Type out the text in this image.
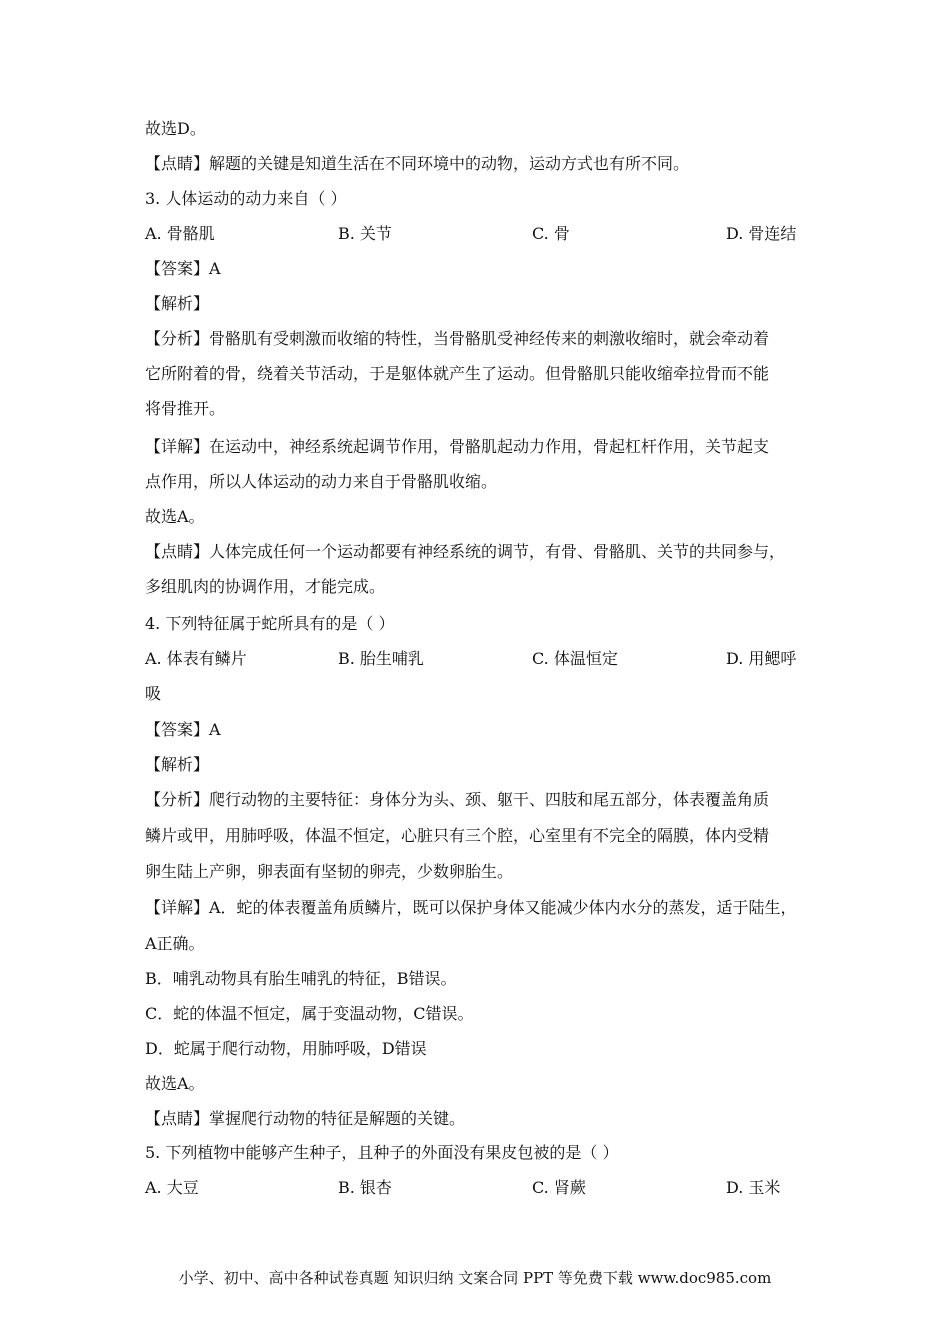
故选D。
【点睛】解题的关键是知道生活在不同环境中的动物，运动方式也有所不同。
3. 人体运动的动力来自（ ）
A. 骨骼肌	B. 关节	C. 骨	D. 骨连结
【答案】A
【解析】
【分析】骨骼肌有受刺激而收缩的特性，当骨骼肌受神经传来的刺激收缩时，就会牵动着
它所附着的骨，绕着关节活动，于是躯体就产生了运动。但骨骼肌只能收缩牵拉骨而不能
将骨推开。
【详解】在运动中，神经系统起调节作用，骨骼肌起动力作用，骨起杠杆作用，关节起支
点作用，所以人体运动的动力来自于骨骼肌收缩。
故选A。
【点睛】人体完成任何一个运动都要有神经系统的调节，有骨、骨骼肌、关节的共同参与，
多组肌肉的协调作用，才能完成。
4. 下列特征属于蛇所具有的是（ ）
A. 体表有鳞片	B. 胎生哺乳	C. 体温恒定	D. 用鳃呼
吸
【答案】A
【解析】
【分析】爬行动物的主要特征：身体分为头、颈、躯干、四肢和尾五部分，体表覆盖角质
鳞片或甲，用肺呼吸，体温不恒定，心脏只有三个腔，心室里有不完全的隔膜，体内受精
卵生陆上产卵，卵表面有坚韧的卵壳，少数卵胎生。
【详解】A．蛇的体表覆盖角质鳞片，既可以保护身体又能减少体内水分的蒸发，适于陆生，
A正确。
B．哺乳动物具有胎生哺乳的特征，B错误。
C．蛇的体温不恒定，属于变温动物，C错误。
D．蛇属于爬行动物，用肺呼吸，D错误
故选A。
【点睛】掌握爬行动物的特征是解题的关键。
5. 下列植物中能够产生种子，且种子的外面没有果皮包被的是（ ）
A. 大豆	B. 银杏	C. 肾蕨	D. 玉米
小学、初中、高中各种试卷真题 知识归纳 文案合同 PPT 等免费下载 www.doc985.com
